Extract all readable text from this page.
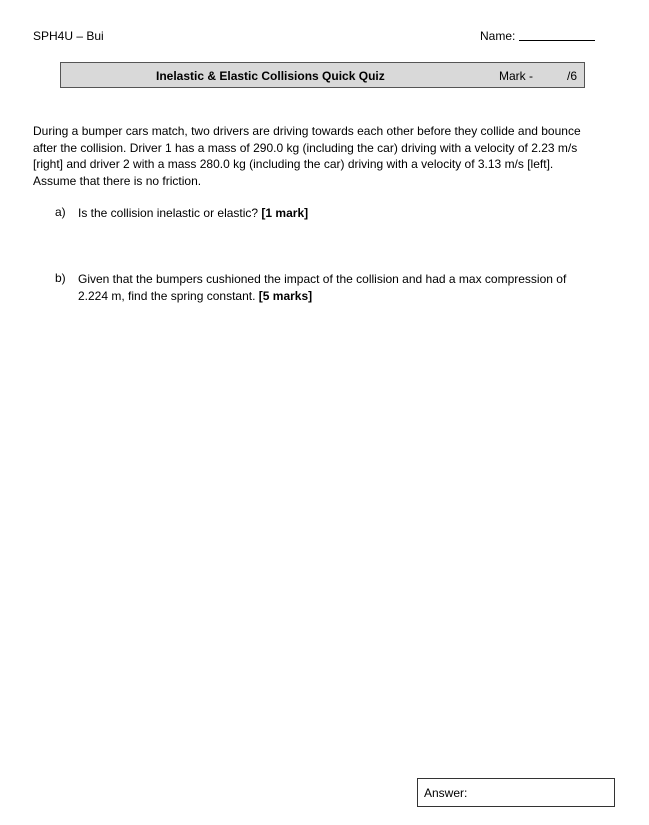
SPH4U – Bui	Name:
Inelastic & Elastic Collisions Quick Quiz	Mark -	/6
During a bumper cars match, two drivers are driving towards each other before they collide and bounce
after the collision. Driver 1 has a mass of 290.0 kg (including the car) driving with a velocity of 2.23 m/s
[right] and driver 2 with a mass 280.0 kg (including the car) driving with a velocity of 3.13 m/s [left].
Assume that there is no friction.
a) Is the collision inelastic or elastic? [1 mark]
b) Given that the bumpers cushioned the impact of the collision and had a max compression of
2.224 m, find the spring constant. [5 marks]
Answer:
